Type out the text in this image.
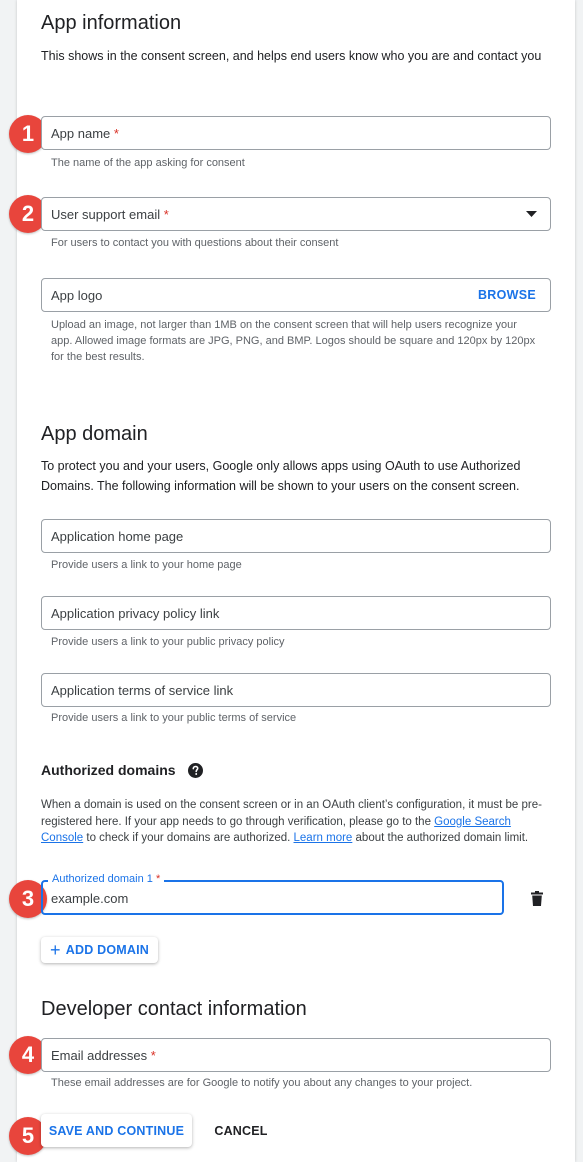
App information
This shows in the consent screen, and helps end users know who you are and contact you
1	App name *
The name of the app asking for consent
2	User support email *
For users to contact you with questions about their consent
App logo	BROWSE
Upload an image, not larger than 1MB on the consent screen that will help users recognize your app. Allowed image formats are JPG, PNG, and BMP. Logos should be square and 120px by 120px for the best results.
App domain
To protect you and your users, Google only allows apps using OAuth to use Authorized Domains. The following information will be shown to your users on the consent screen.
Application home page
Provide users a link to your home page
Application privacy policy link
Provide users a link to your public privacy policy
Application terms of service link
Provide users a link to your public terms of service
Authorized domains
When a domain is used on the consent screen or in an OAuth client’s configuration, it must be pre-registered here. If your app needs to go through verification, please go to the Google Search Console to check if your domains are authorized. Learn more about the authorized domain limit.
3
Authorized domain 1 *
example.com
+ ADD DOMAIN
Developer contact information
4	Email addresses *
These email addresses are for Google to notify you about any changes to your project.
5	SAVE AND CONTINUE	CANCEL
